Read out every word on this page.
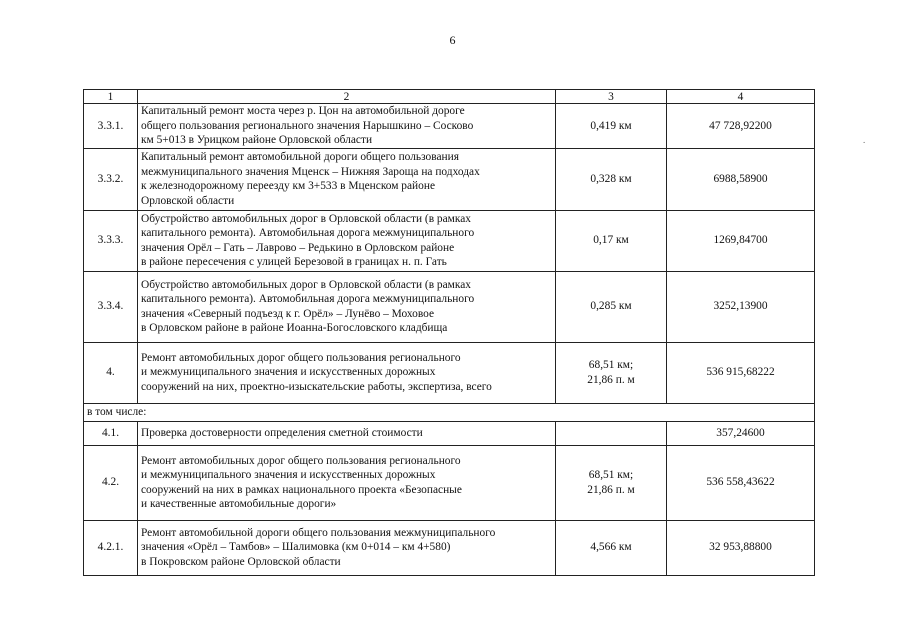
6
.
1	2	3	4
3.3.1.	Капитальный ремонт моста через р. Цон на автомобильной дороге
общего пользования регионального значения Нарышкино – Сосково
км 5+013 в Урицком районе Орловской области	0,419 км	47 728,92200
3.3.2.	Капитальный ремонт автомобильной дороги общего пользования
межмуниципального значения Мценск – Нижняя Зароща на подходах
к железнодорожному переезду км 3+533 в Мценском районе
Орловской области	0,328 км	6988,58900
3.3.3.	Обустройство автомобильных дорог в Орловской области (в рамках
капитального ремонта). Автомобильная дорога межмуниципального
значения Орёл – Гать – Лаврово – Редькино в Орловском районе
в районе пересечения с улицей Березовой в границах н. п. Гать	0,17 км	1269,84700
3.3.4.	Обустройство автомобильных дорог в Орловской области (в рамках
капитального ремонта). Автомобильная дорога межмуниципального
значения «Северный подъезд к г. Орёл» – Лунёво – Моховое
в Орловском районе в районе Иоанна-Богословского кладбища	0,285 км	3252,13900
4.	Ремонт автомобильных дорог общего пользования регионального
и межмуниципального значения и искусственных дорожных
сооружений на них, проектно-изыскательские работы, экспертиза, всего	68,51 км;
21,86 п. м	536 915,68222
в том числе:			
4.1.	Проверка достоверности определения сметной стоимости		357,24600
4.2.	Ремонт автомобильных дорог общего пользования регионального
и межмуниципального значения и искусственных дорожных
сооружений на них в рамках национального проекта «Безопасные
и качественные автомобильные дороги»	68,51 км;
21,86 п. м	536 558,43622
4.2.1.	Ремонт автомобильной дороги общего пользования межмуниципального
значения «Орёл – Тамбов» – Шалимовка (км 0+014 – км 4+580)
в Покровском районе Орловской области	4,566 км	32 953,88800
